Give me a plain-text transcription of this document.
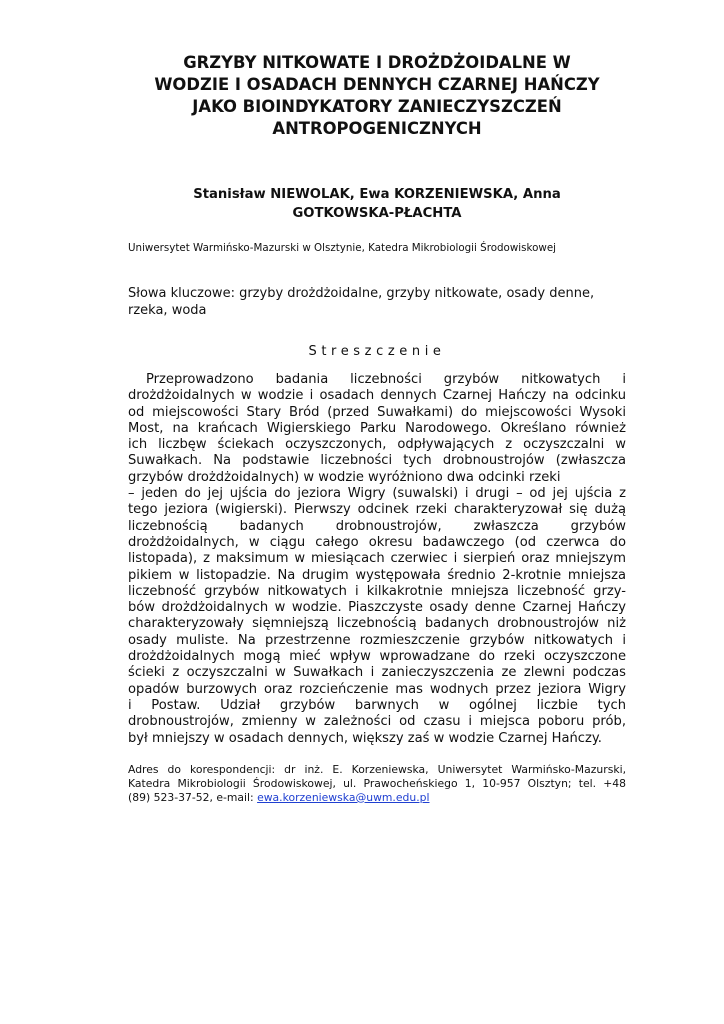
GRZYBY NITKOWATE I DROŻDŻOIDALNE W
WODZIE I OSADACH DENNYCH CZARNEJ HAŃCZY
JAKO BIOINDYKATORY ZANIECZYSZCZEŃ
ANTROPOGENICZNYCH
Stanisław NIEWOLAK, Ewa KORZENIEWSKA, Anna
GOTKOWSKA-PŁACHTA
Uniwersytet Warmińsko-Mazurski w Olsztynie, Katedra Mikrobiologii Środowiskowej
Słowa kluczowe: grzyby drożdżoidalne, grzyby nitkowate, osady denne,
rzeka, woda
Streszczenie
Przeprowadzono badania liczebności grzybów nitkowatych i
drożdżoidalnych w wodzie i osadach dennych Czarnej Hańczy na odcinku
od miejscowości Stary Bród (przed Suwałkami) do miejscowości Wysoki
Most, na krańcach Wigierskiego Parku Narodowego. Określano również
ich liczbęw ściekach oczyszczonych, odpływających z oczyszczalni w
Suwałkach. Na podstawie liczebności tych drobnoustrojów (zwłaszcza
grzybów drożdżoidalnych) w wodzie wyróżniono dwa odcinki rzeki
– jeden do jej ujścia do jeziora Wigry (suwalski) i drugi – od jej ujścia z
tego jeziora (wigierski). Pierwszy odcinek rzeki charakteryzował się dużą
liczebnością badanych drobnoustrojów, zwłaszcza grzybów
drożdżoidalnych, w ciągu całego okresu badawczego (od czerwca do
listopada), z maksimum w miesiącach czerwiec i sierpień oraz mniejszym
pikiem w listopadzie. Na drugim występowała średnio 2-krotnie mniejsza
liczebność grzybów nitkowatych i kilkakrotnie mniejsza liczebność grzy-
bów drożdżoidalnych w wodzie. Piaszczyste osady denne Czarnej Hańczy
charakteryzowały sięmniejszą liczebnością badanych drobnoustrojów niż
osady muliste. Na przestrzenne rozmieszczenie grzybów nitkowatych i
drożdżoidalnych mogą mieć wpływ wprowadzane do rzeki oczyszczone
ścieki z oczyszczalni w Suwałkach i zanieczyszczenia ze zlewni podczas
opadów burzowych oraz rozcieńczenie mas wodnych przez jeziora Wigry
i Postaw. Udział grzybów barwnych w ogólnej liczbie tych
drobnoustrojów, zmienny w zależności od czasu i miejsca poboru prób,
był mniejszy w osadach dennych, większy zaś w wodzie Czarnej Hańczy.
Adres do korespondencji: dr inż. E. Korzeniewska, Uniwersytet Warmińsko-Mazurski,
Katedra Mikrobiologii Środowiskowej, ul. Prawocheńskiego 1, 10-957 Olsztyn; tel. +48
(89) 523-37-52, e-mail: ewa.korzeniewska@uwm.edu.pl
